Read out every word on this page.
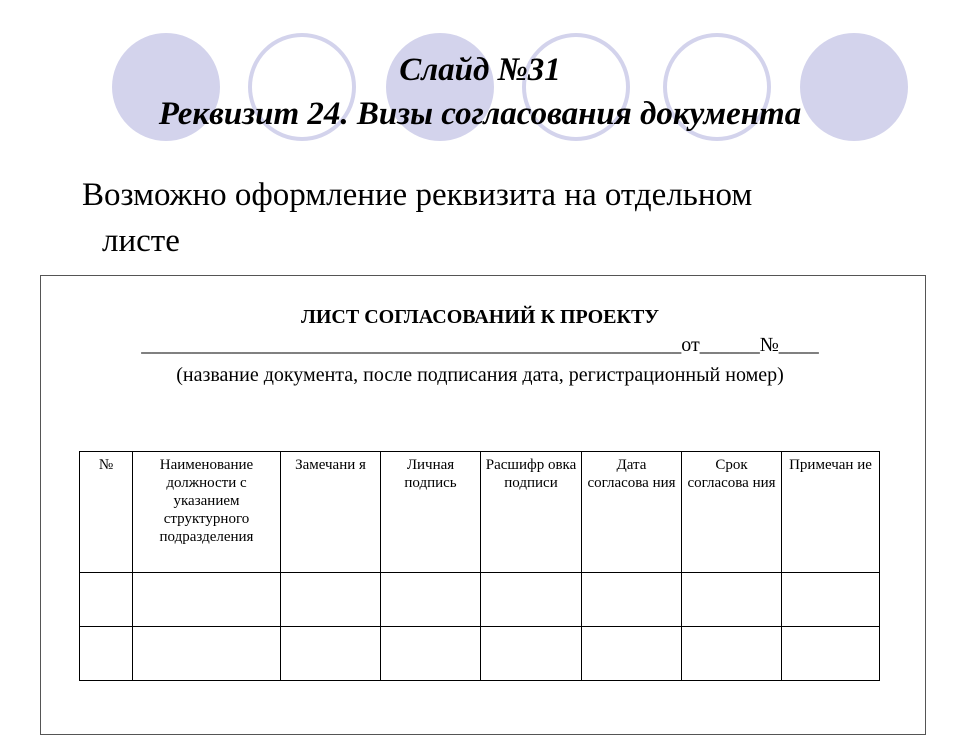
Слайд №31
Реквизит 24. Визы согласования документа
Возможно оформление реквизита на отдельном
листе
ЛИСТ СОГЛАСОВАНИЙ К ПРОЕКТУ
______________________________________________________от______№____
(название документа, после подписания дата, регистрационный номер)
№	Наименование должности с указанием структурного подразделения	Замечани я	Личная подпись	Расшифр овка подписи	Дата согласова ния	Срок согласова ния	Примечан ие
